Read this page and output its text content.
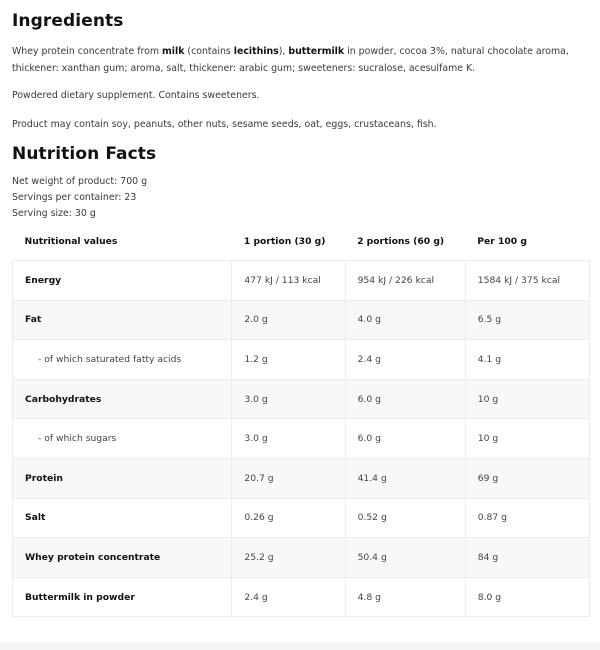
Ingredients

Whey protein concentrate from milk (contains lecithins), buttermilk in powder, cocoa 3%, natural chocolate aroma, thickener: xanthan gum; aroma, salt, thickener: arabic gum; sweeteners: sucralose, acesulfame K.

Powdered dietary supplement. Contains sweeteners.

Product may contain soy, peanuts, other nuts, sesame seeds, oat, eggs, crustaceans, fish.

Nutrition Facts
Net weight of product: 700 g
Servings per container: 23
Serving size: 30 g
Nutritional values	1 portion (30 g)	2 portions (60 g)	Per 100 g
Energy	477 kJ / 113 kcal	954 kJ / 226 kcal	1584 kJ / 375 kcal
Fat	2.0 g	4.0 g	6.5 g
- of which saturated fatty acids	1.2 g	2.4 g	4.1 g
Carbohydrates	3.0 g	6.0 g	10 g
- of which sugars	3.0 g	6.0 g	10 g
Protein	20.7 g	41.4 g	69 g
Salt	0.26 g	0.52 g	0.87 g
Whey protein concentrate	25.2 g	50.4 g	84 g
Buttermilk in powder	2.4 g	4.8 g	8.0 g
